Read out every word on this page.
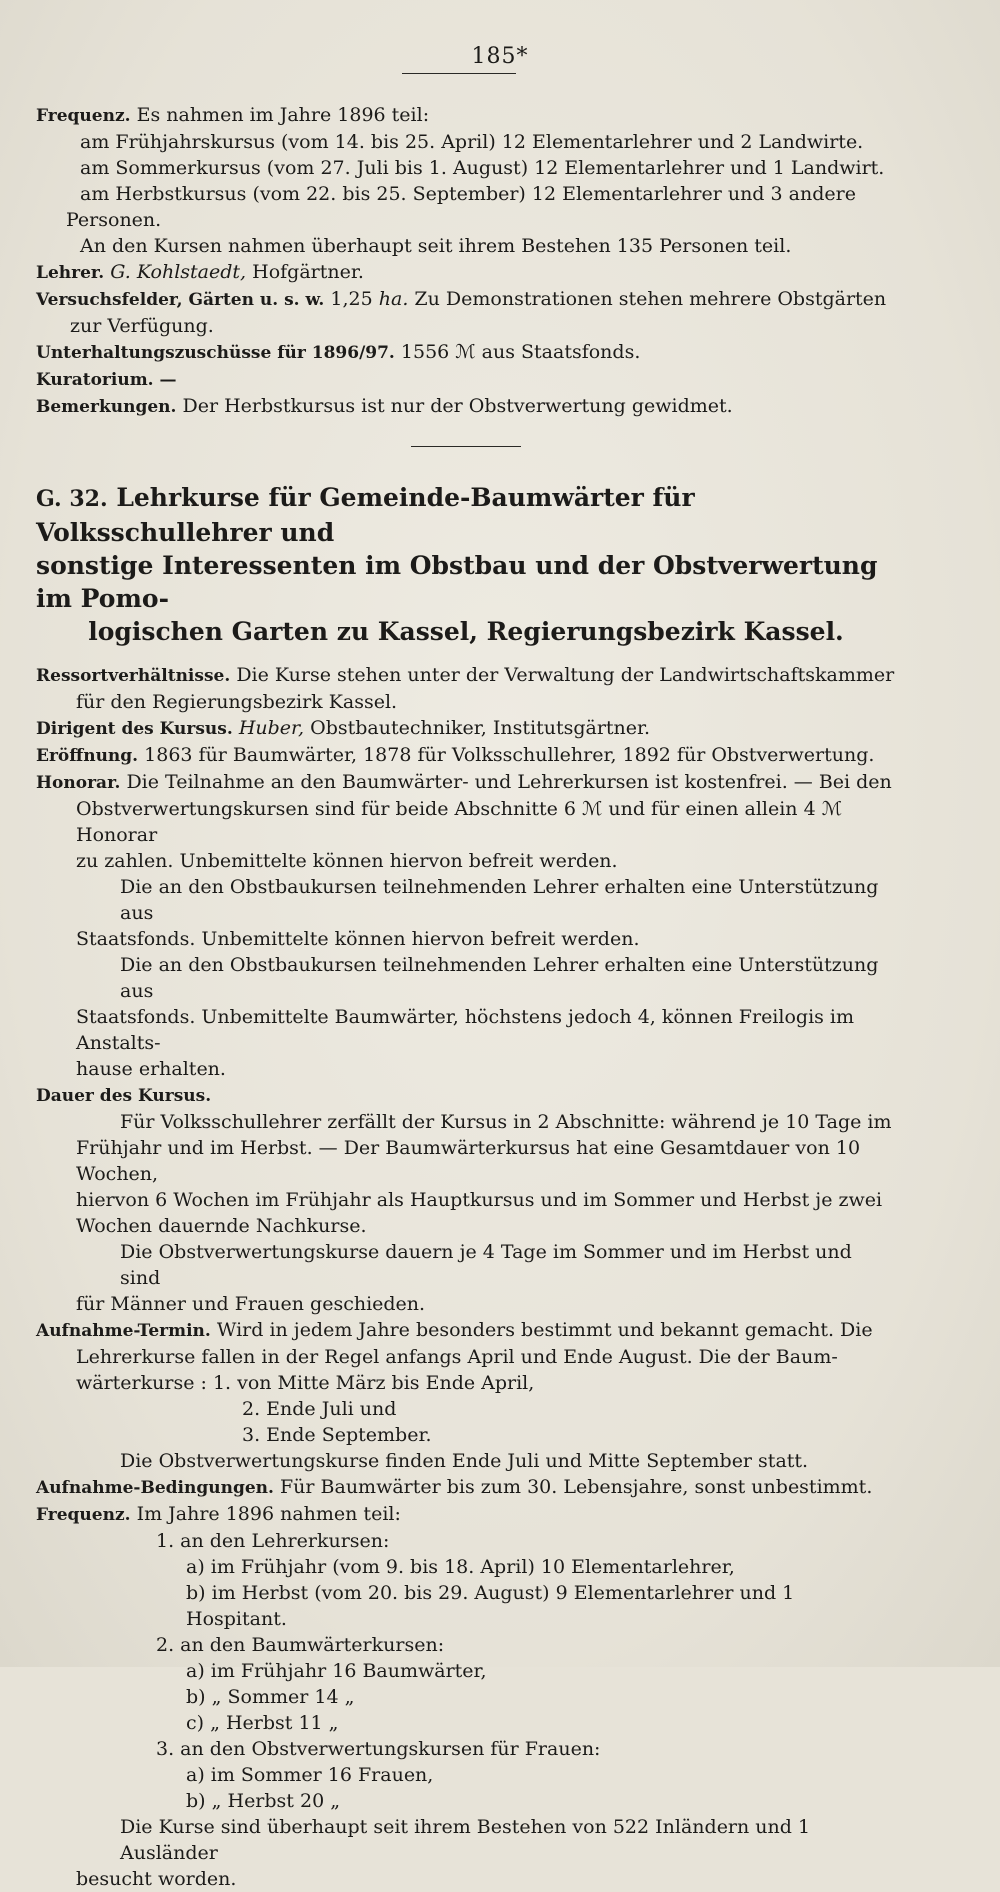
185*

Frequenz. Es nahmen im Jahre 1896 teil:

am Frühjahrskursus (vom 14. bis 25. April) 12 Elementarlehrer und 2 Landwirte.

am Sommerkursus (vom 27. Juli bis 1. August) 12 Elementarlehrer und 1 Landwirt.

am Herbstkursus (vom 22. bis 25. September) 12 Elementarlehrer und 3 andere

Personen.

An den Kursen nahmen überhaupt seit ihrem Bestehen 135 Personen teil.

Lehrer. G. Kohlstaedt, Hofgärtner.

Versuchsfelder, Gärten u. s. w. 1,25 ha. Zu Demonstrationen stehen mehrere Obstgärten

zur Verfügung.

Unterhaltungszuschüsse für 1896/97. 1556 ℳ aus Staatsfonds.

Kuratorium. —

Bemerkungen. Der Herbstkursus ist nur der Obstverwertung gewidmet.

G. 32. Lehrkurse für Gemeinde-Baumwärter für Volksschullehrer und

sonstige Interessenten im Obstbau und der Obstverwertung im Pomo-

logischen Garten zu Kassel, Regierungsbezirk Kassel.

Ressortverhältnisse. Die Kurse stehen unter der Verwaltung der Landwirtschaftskammer

für den Regierungsbezirk Kassel.

Dirigent des Kursus. Huber, Obstbautechniker, Institutsgärtner.

Eröffnung. 1863 für Baumwärter, 1878 für Volksschullehrer, 1892 für Obstverwertung.

Honorar. Die Teilnahme an den Baumwärter- und Lehrerkursen ist kostenfrei. — Bei den

Obstverwertungskursen sind für beide Abschnitte 6 ℳ und für einen allein 4 ℳ Honorar

zu zahlen. Unbemittelte können hiervon befreit werden.

Die an den Obstbaukursen teilnehmenden Lehrer erhalten eine Unterstützung aus

Staatsfonds. Unbemittelte können hiervon befreit werden.

Die an den Obstbaukursen teilnehmenden Lehrer erhalten eine Unterstützung aus

Staatsfonds. Unbemittelte Baumwärter, höchstens jedoch 4, können Freilogis im Anstalts-

hause erhalten.

Dauer des Kursus.

Für Volksschullehrer zerfällt der Kursus in 2 Abschnitte: während je 10 Tage im

Frühjahr und im Herbst. — Der Baumwärterkursus hat eine Gesamtdauer von 10 Wochen,

hiervon 6 Wochen im Frühjahr als Hauptkursus und im Sommer und Herbst je zwei

Wochen dauernde Nachkurse.

Die Obstverwertungskurse dauern je 4 Tage im Sommer und im Herbst und sind

für Männer und Frauen geschieden.

Aufnahme-Termin. Wird in jedem Jahre besonders bestimmt und bekannt gemacht. Die

Lehrerkurse fallen in der Regel anfangs April und Ende August. Die der Baum-

wärterkurse : 1. von Mitte März bis Ende April,

2. Ende Juli und

3. Ende September.

Die Obstverwertungskurse finden Ende Juli und Mitte September statt.

Aufnahme-Bedingungen. Für Baumwärter bis zum 30. Lebensjahre, sonst unbestimmt.

Frequenz. Im Jahre 1896 nahmen teil:

1. an den Lehrerkursen:

a) im Frühjahr (vom 9. bis 18. April) 10 Elementarlehrer,

b) im Herbst (vom 20. bis 29. August) 9 Elementarlehrer und 1 Hospitant.

2. an den Baumwärterkursen:

a) im Frühjahr 16 Baumwärter,

b) „ Sommer 14 „

c) „ Herbst 11 „

3. an den Obstverwertungskursen für Frauen:

a) im Sommer 16 Frauen,

b) „ Herbst 20 „

Die Kurse sind überhaupt seit ihrem Bestehen von 522 Inländern und 1 Ausländer

besucht worden.
